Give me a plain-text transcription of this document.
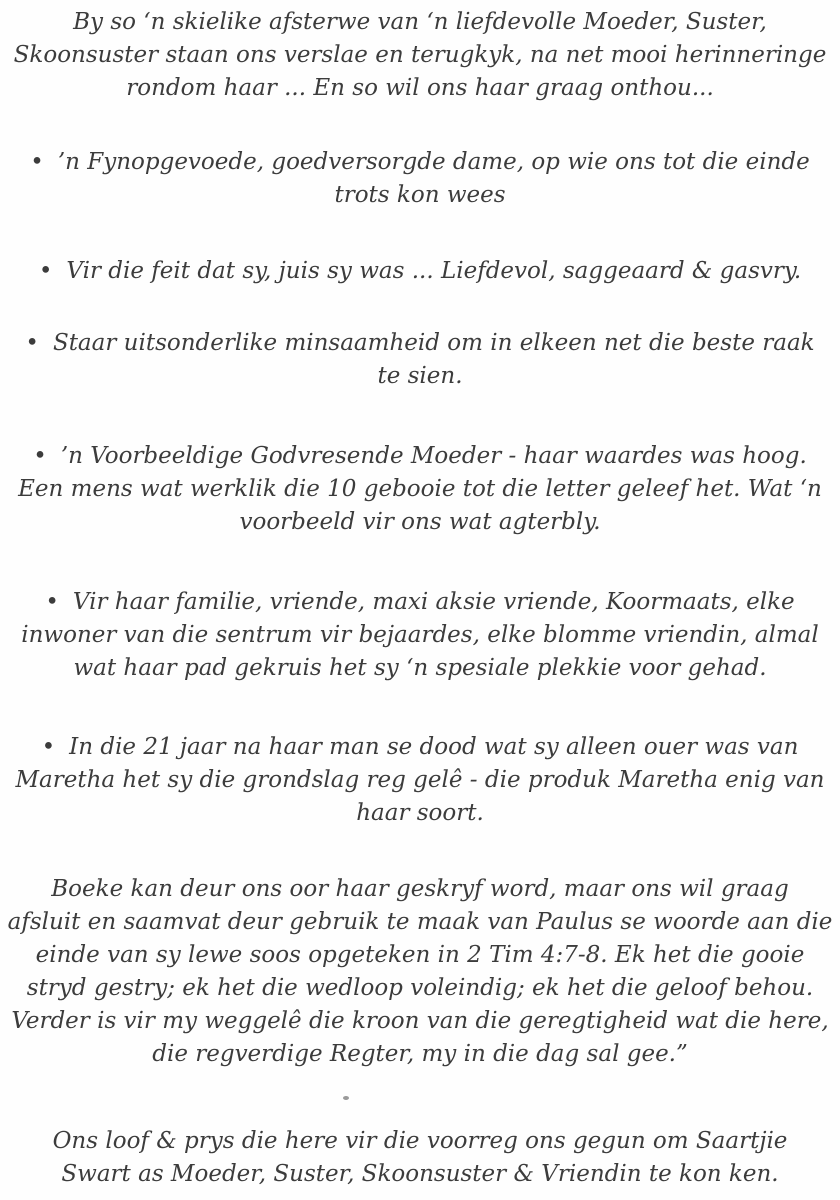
By so ‘n skielike afsterwe van ‘n liefdevolle Moeder, Suster,
Skoonsuster staan ons verslae en terugkyk, na net mooi herinneringe
rondom haar ... En so wil ons haar graag onthou...

• ’n Fynopgevoede, goedversorgde dame, op wie ons tot die einde
trots kon wees

• Vir die feit dat sy, juis sy was ... Liefdevol, saggeaard & gasvry.

• Staar uitsonderlike minsaamheid om in elkeen net die beste raak
te sien.

• ’n Voorbeeldige Godvresende Moeder - haar waardes was hoog.
Een mens wat werklik die 10 gebooie tot die letter geleef het. Wat ‘n
voorbeeld vir ons wat agterbly.

• Vir haar familie, vriende, maxi aksie vriende, Koormaats, elke
inwoner van die sentrum vir bejaardes, elke blomme vriendin, almal
wat haar pad gekruis het sy ‘n spesiale plekkie voor gehad.

• In die 21 jaar na haar man se dood wat sy alleen ouer was van
Maretha het sy die grondslag reg gelê - die produk Maretha enig van
haar soort.

Boeke kan deur ons oor haar geskryf word, maar ons wil graag
afsluit en saamvat deur gebruik te maak van Paulus se woorde aan die
einde van sy lewe soos opgeteken in 2 Tim 4:7-8. Ek het die gooie
stryd gestry; ek het die wedloop voleindig; ek het die geloof behou.
Verder is vir my weggelê die kroon van die geregtigheid wat die here,
die regverdige Regter, my in die dag sal gee.”

Ons loof & prys die here vir die voorreg ons gegun om Saartjie
Swart as Moeder, Suster, Skoonsuster & Vriendin te kon ken.
